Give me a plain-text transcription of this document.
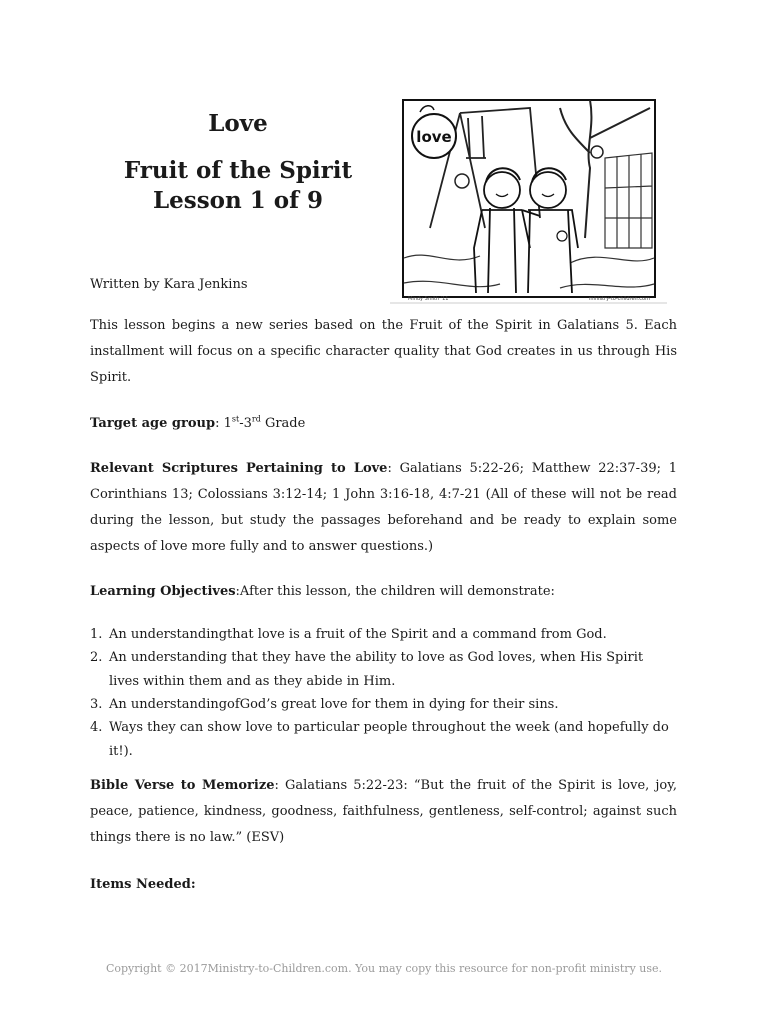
Love
Fruit of the Spirit
Lesson 1 of 9
love
Mindy Smith '11	ministry-to-children.com
Written by Kara Jenkins
This lesson begins a new series based on the Fruit of the Spirit in Galatians 5. Each installment will focus on a specific character quality that God creates in us through His Spirit.
Target age group: 1st-3rd Grade
Relevant Scriptures Pertaining to Love: Galatians 5:22-26; Matthew 22:37-39; 1 Corinthians 13; Colossians 3:12-14; 1 John 3:16-18, 4:7-21 (All of these will not be read during the lesson, but study the passages beforehand and be ready to explain some aspects of love more fully and to answer questions.)
Learning Objectives:After this lesson, the children will demonstrate:
1. An understandingthat love is a fruit of the Spirit and a command from God.
2. An understanding that they have the ability to love as God loves, when His Spirit lives within them and as they abide in Him.
3. An understandingofGod’s great love for them in dying for their sins.
4. Ways they can show love to particular people throughout the week (and hopefully do it!).
Bible Verse to Memorize: Galatians 5:22-23: “But the fruit of the Spirit is love, joy, peace, patience, kindness, goodness, faithfulness, gentleness, self-control; against such things there is no law.” (ESV)
Items Needed:
Copyright © 2017Ministry-to-Children.com. You may copy this resource for non-profit ministry use.
